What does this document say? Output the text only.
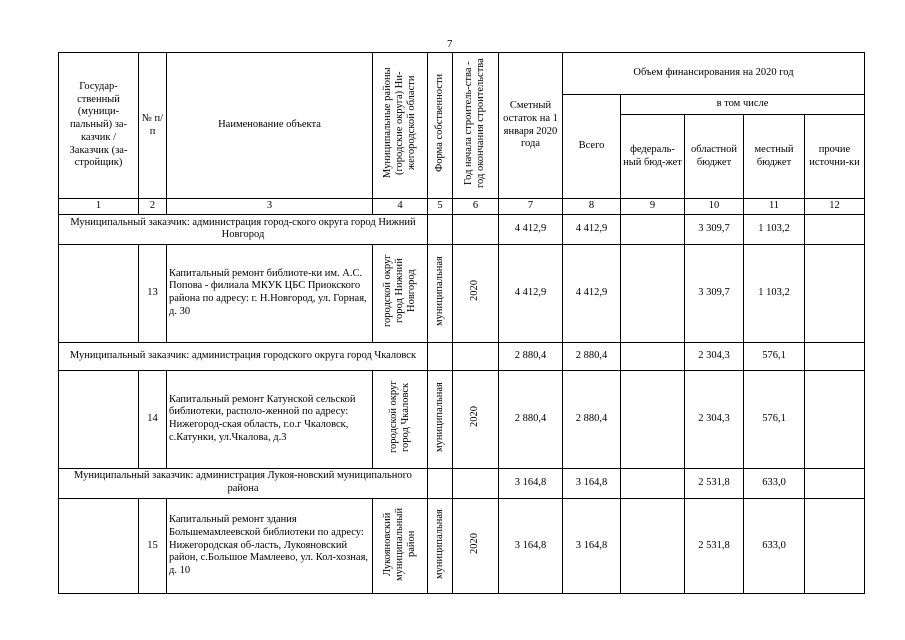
7
Государ-ственный (муници-пальный) за-казчик / Заказчик (за-стройщик)	№ п/п	Наименование объекта	Муниципальные районы (городские округа) Ни-жегородской области	Форма собственности	Год начала строитель-ства - год окончания строительства	Сметный остаток на 1 января 2020 года	Объем финансирования на 2020 год				
							Всего	в том числе			
								федераль-ный бюд-жет	областной бюджет	местный бюджет	прочие источни-ки
1	2	3	4	5	6	7	8	9	10	11	12
Муниципальный заказчик: администрация город-ского округа город Нижний Новгород						4 412,9	4 412,9		3 309,7	1 103,2	
	13	Капитальный ремонт библиоте-ки им. А.С. Попова - филиала МКУК ЦБС Приокского района по адресу: г. Н.Новгород, ул. Горная, д. 30	городской округ город Нижний Новгород	муниципальная	2020	4 412,9	4 412,9		3 309,7	1 103,2	
Муниципальный заказчик: администрация городского округа город Чкаловск						2 880,4	2 880,4		2 304,3	576,1	
	14	Капитальный ремонт Катунской сельской библиотеки, располо-женной по адресу: Нижегород-ская область, г.о.г Чкаловск, с.Катунки, ул.Чкалова, д.3	городской округ город Чкаловск	муниципальная	2020	2 880,4	2 880,4		2 304,3	576,1	
Муниципальный заказчик: администрация Лукоя-новский муниципального района						3 164,8	3 164,8		2 531,8	633,0	
	15	Капитальный ремонт здания Большемамлеевской библиотеки по адресу: Нижегородская об-ласть, Лукояновский район, с.Большое Мамлеево, ул. Кол-хозная, д. 10	Лукояновский муниципальный район	муниципальная	2020	3 164,8	3 164,8		2 531,8	633,0	
